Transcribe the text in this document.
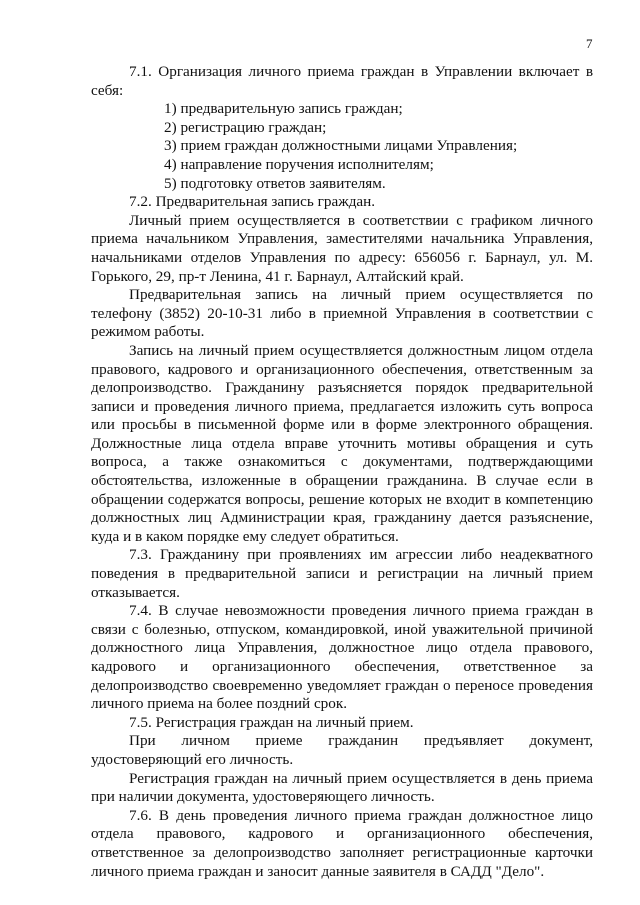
7

7.1. Организация личного приема граждан в Управлении включает в себя:

1) предварительную запись граждан;
2) регистрацию граждан;
3) прием граждан должностными лицами Управления;
4) направление поручения исполнителям;
5) подготовку ответов заявителям.

7.2. Предварительная запись граждан.

Личный прием осуществляется в соответствии с графиком личного приема начальником Управления, заместителями начальника Управления, начальниками отделов Управления по адресу: 656056 г. Барнаул, ул. М. Горького, 29, пр-т Ленина, 41 г. Барнаул, Алтайский край.

Предварительная запись на личный прием осуществляется по телефону (3852) 20-10-31 либо в приемной Управления в соответствии с режимом работы.

Запись на личный прием осуществляется должностным лицом отдела правового, кадрового и организационного обеспечения, ответственным за делопроизводство. Гражданину разъясняется порядок предварительной записи и проведения личного приема, предлагается изложить суть вопроса или просьбы в письменной форме или в форме электронного обращения. Должностные лица отдела вправе уточнить мотивы обращения и суть вопроса, а также ознакомиться с документами, подтверждающими обстоятельства, изложенные в обращении гражданина. В случае если в обращении содержатся вопросы, решение которых не входит в компетенцию должностных лиц Администрации края, гражданину дается разъяснение, куда и в каком порядке ему следует обратиться.

7.3. Гражданину при проявлениях им агрессии либо неадекватного поведения в предварительной записи и регистрации на личный прием отказывается.

7.4. В случае невозможности проведения личного приема граждан в связи с болезнью, отпуском, командировкой, иной уважительной причиной должностного лица Управления, должностное лицо отдела правового, кадрового и организационного обеспечения, ответственное за делопроизводство своевременно уведомляет граждан о переносе проведения личного приема на более поздний срок.

7.5. Регистрация граждан на личный прием.

При личном приеме гражданин предъявляет документ, удостоверяющий его личность.

Регистрация граждан на личный прием осуществляется в день приема при наличии документа, удостоверяющего личность.

7.6. В день проведения личного приема граждан должностное лицо отдела правового, кадрового и организационного обеспечения, ответственное за делопроизводство заполняет регистрационные карточки личного приема граждан и заносит данные заявителя в САДД "Дело".
